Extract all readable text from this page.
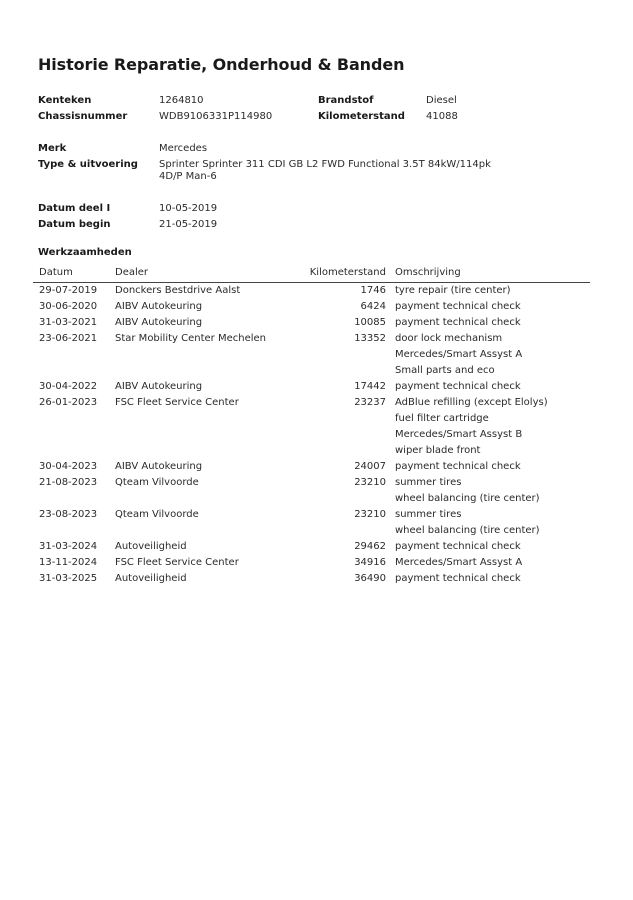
Historie Reparatie, Onderhoud & Banden
Kenteken	1264810	Brandstof	Diesel
Chassisnummer	WDB9106331P114980	Kilometerstand 41088
Merk	Mercedes
Type & uitvoering Sprinter Sprinter 311 CDI GB L2 FWD Functional 3.5T 84kW/114pk 4D/P Man-6
Datum deel I	10-05-2019
Datum begin	21-05-2019
Werkzaamheden
Datum	Dealer	Kilometerstand Omschrijving
29-07-2019 Donckers Bestdrive Aalst	1746 tyre repair (tire center)
30-06-2020 AIBV Autokeuring	6424 payment technical check
31-03-2021 AIBV Autokeuring	10085 payment technical check
23-06-2021 Star Mobility Center Mechelen	13352 door lock mechanism
Mercedes/Smart Assyst A
Small parts and eco
30-04-2022 AIBV Autokeuring	17442 payment technical check
26-01-2023 FSC Fleet Service Center	23237 AdBlue refilling (except Elolys)
fuel filter cartridge
Mercedes/Smart Assyst B
wiper blade front
30-04-2023 AIBV Autokeuring	24007 payment technical check
21-08-2023 Qteam Vilvoorde	23210 summer tires
wheel balancing (tire center)
23-08-2023 Qteam Vilvoorde	23210 summer tires
wheel balancing (tire center)
31-03-2024 Autoveiligheid	29462 payment technical check
13-11-2024 FSC Fleet Service Center	34916 Mercedes/Smart Assyst A
31-03-2025 Autoveiligheid	36490 payment technical check
